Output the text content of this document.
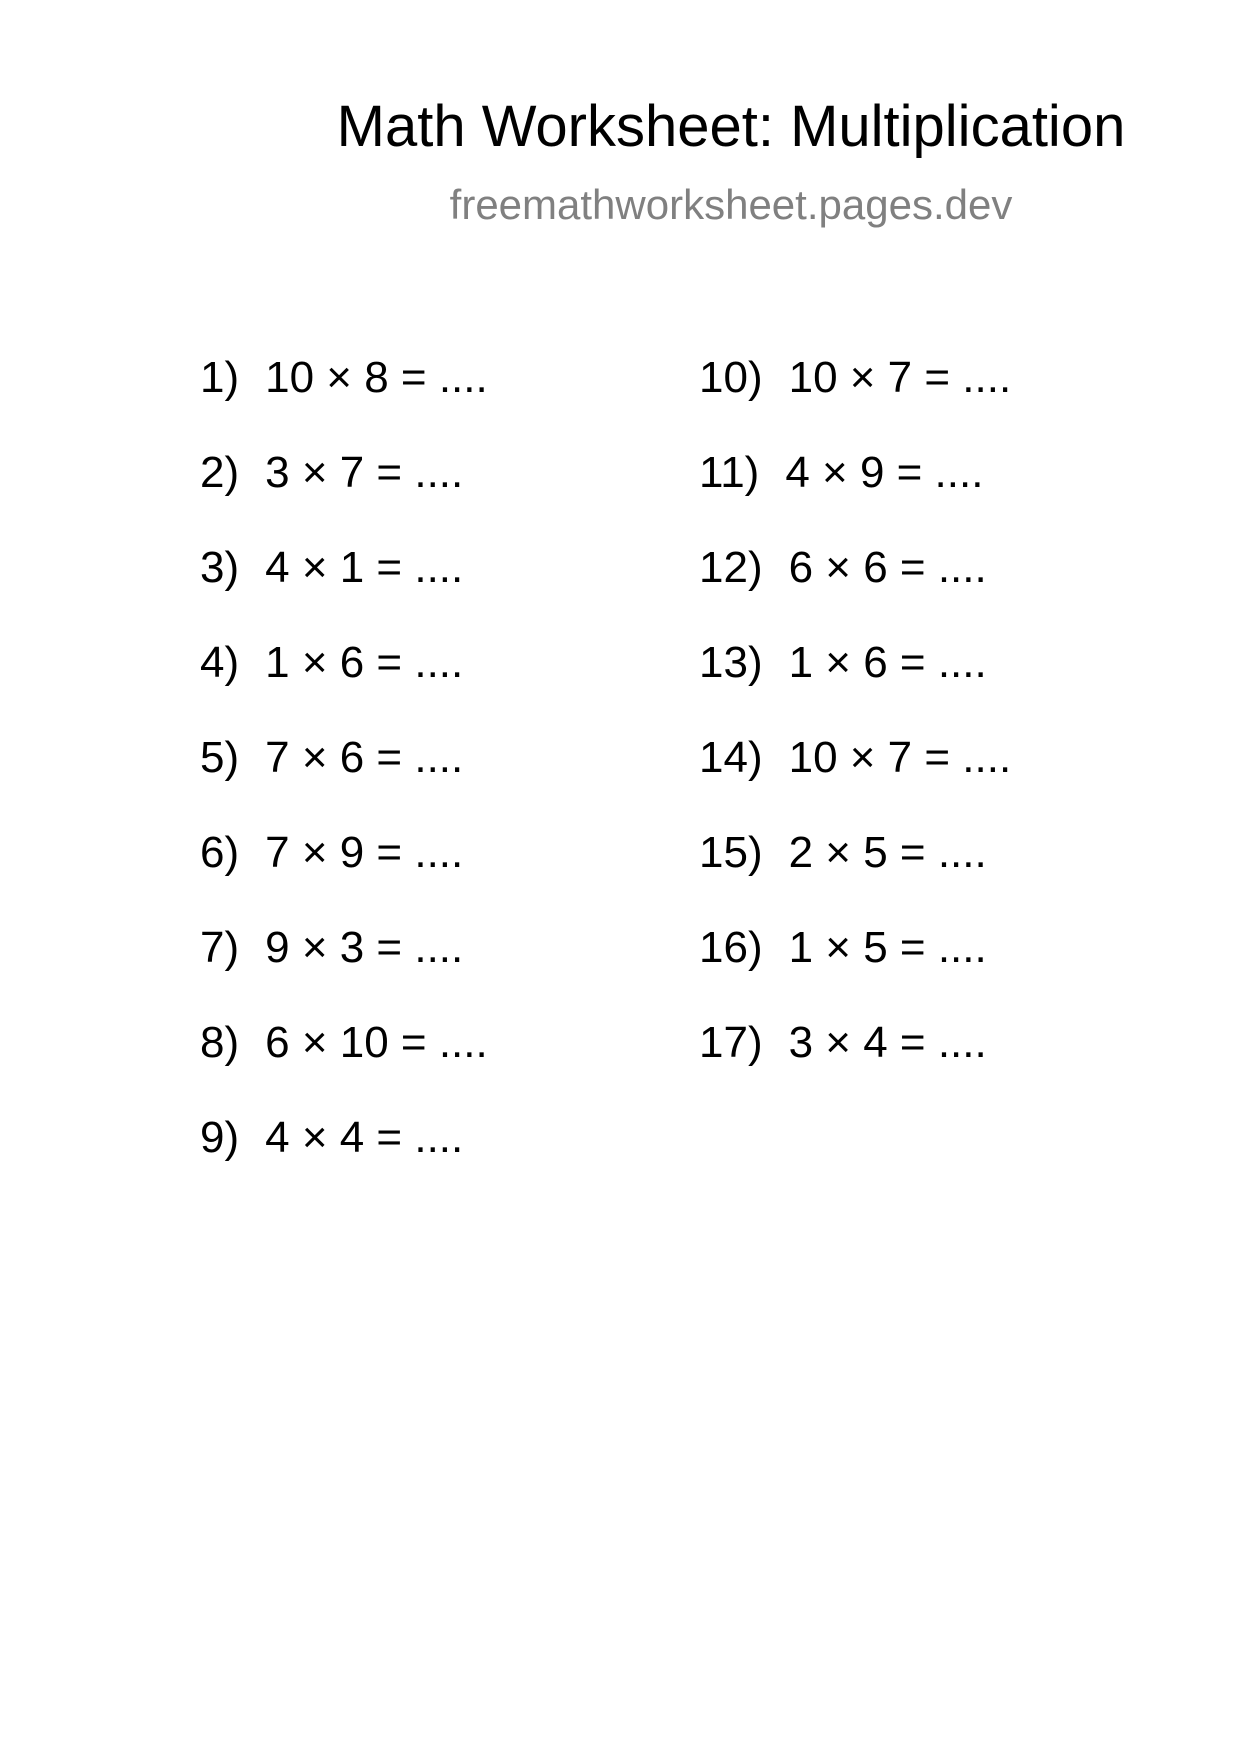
Math Worksheet: Multiplication
freemathworksheet.pages.dev
1) 10 × 8 = ....
2) 3 × 7 = ....
3) 4 × 1 = ....
4) 1 × 6 = ....
5) 7 × 6 = ....
6) 7 × 9 = ....
7) 9 × 3 = ....
8) 6 × 10 = ....
9) 4 × 4 = ....
10) 10 × 7 = ....
11) 4 × 9 = ....
12) 6 × 6 = ....
13) 1 × 6 = ....
14) 10 × 7 = ....
15) 2 × 5 = ....
16) 1 × 5 = ....
17) 3 × 4 = ....
